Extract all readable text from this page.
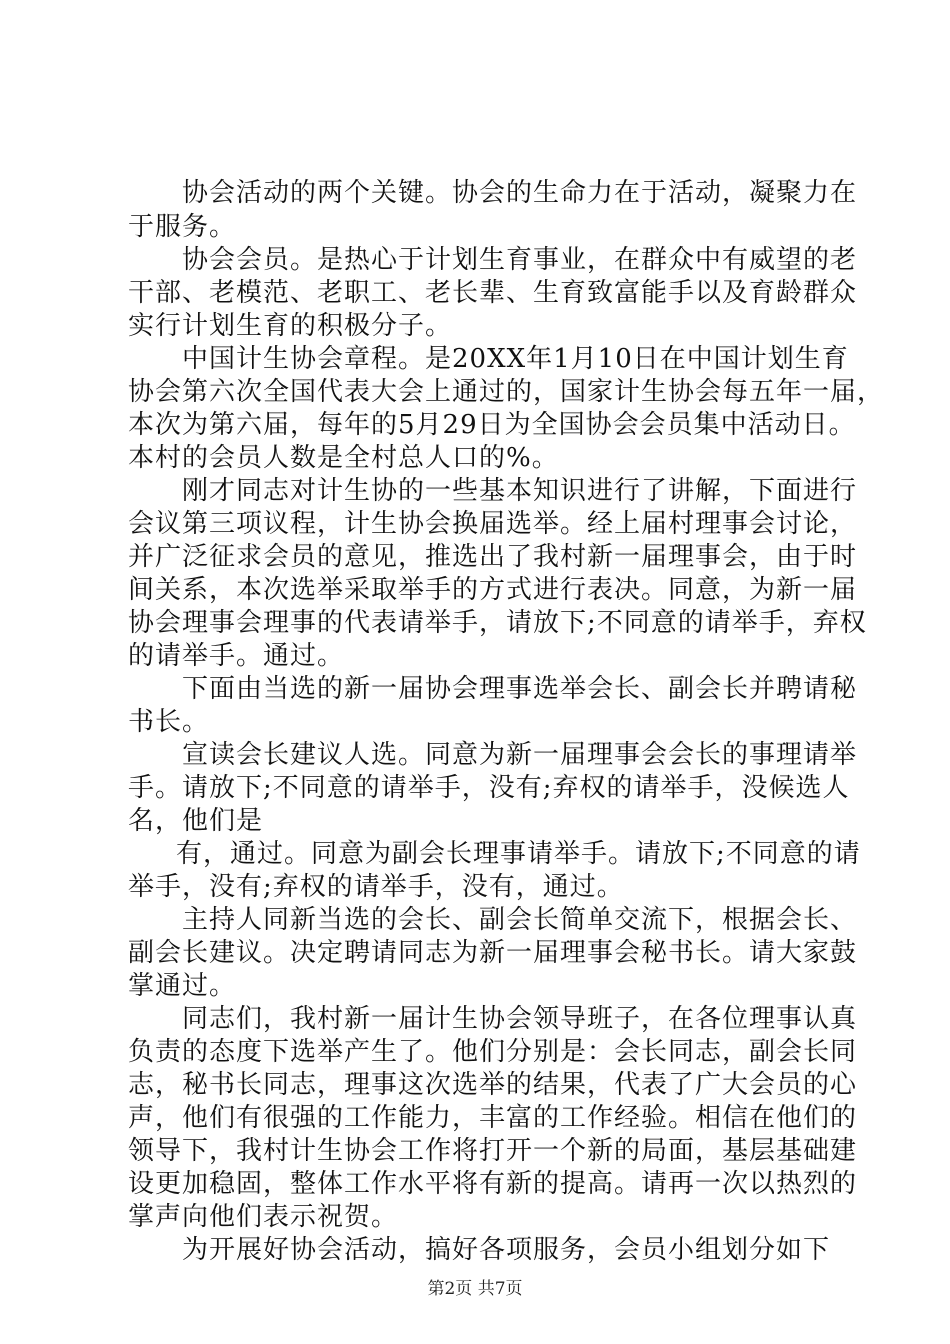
协会活动的两个关键。协会的生命力在于活动，凝聚力在
于服务。
协会会员。是热心于计划生育事业，在群众中有威望的老
干部、老模范、老职工、老长辈、生育致富能手以及育龄群众
实行计划生育的积极分子。
中国计生协会章程。是20XX年1月10日在中国计划生育
协会第六次全国代表大会上通过的，国家计生协会每五年一届，
本次为第六届，每年的5月29日为全国协会会员集中活动日。
本村的会员人数是全村总人口的%。
刚才同志对计生协的一些基本知识进行了讲解，下面进行
会议第三项议程，计生协会换届选举。经上届村理事会讨论，
并广泛征求会员的意见，推选出了我村新一届理事会，由于时
间关系，本次选举采取举手的方式进行表决。同意，为新一届
协会理事会理事的代表请举手，请放下;不同意的请举手，弃权
的请举手。通过。
下面由当选的新一届协会理事选举会长、副会长并聘请秘
书长。
宣读会长建议人选。同意为新一届理事会会长的事理请举
手。请放下;不同意的请举手，没有;弃权的请举手，没候选人
名，他们是
有，通过。同意为副会长理事请举手。请放下;不同意的请
举手，没有;弃权的请举手，没有，通过。
主持人同新当选的会长、副会长简单交流下，根据会长、
副会长建议。决定聘请同志为新一届理事会秘书长。请大家鼓
掌通过。
同志们，我村新一届计生协会领导班子，在各位理事认真
负责的态度下选举产生了。他们分别是：会长同志，副会长同
志，秘书长同志，理事这次选举的结果，代表了广大会员的心
声，他们有很强的工作能力，丰富的工作经验。相信在他们的
领导下，我村计生协会工作将打开一个新的局面，基层基础建
设更加稳固，整体工作水平将有新的提高。请再一次以热烈的
掌声向他们表示祝贺。
为开展好协会活动，搞好各项服务，会员小组划分如下
第2页 共7页
